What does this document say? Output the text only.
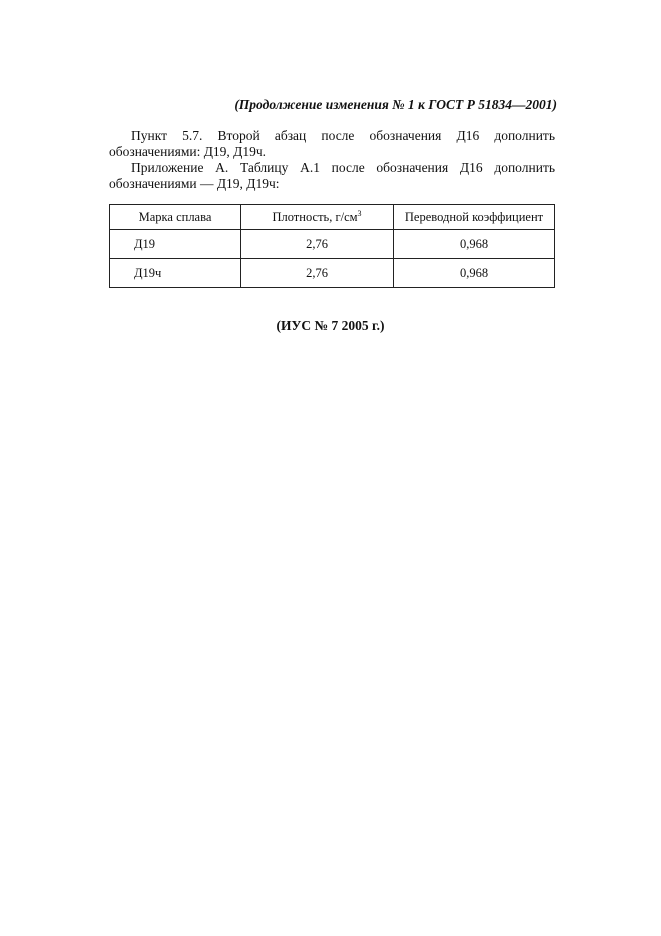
(Продолжение изменения № 1 к ГОСТ Р 51834—2001)
Пункт 5.7. Второй абзац после обозначения Д16 дополнить обозначениями: Д19, Д19ч.
Приложение А. Таблицу А.1 после обозначения Д16 дополнить обозначениями — Д19, Д19ч:
Марка сплава	Плотность, $г/см^3$	Переводной коэффициент
Д19	2,76	0,968
Д19ч	2,76	0,968
(ИУС № 7 2005 г.)
